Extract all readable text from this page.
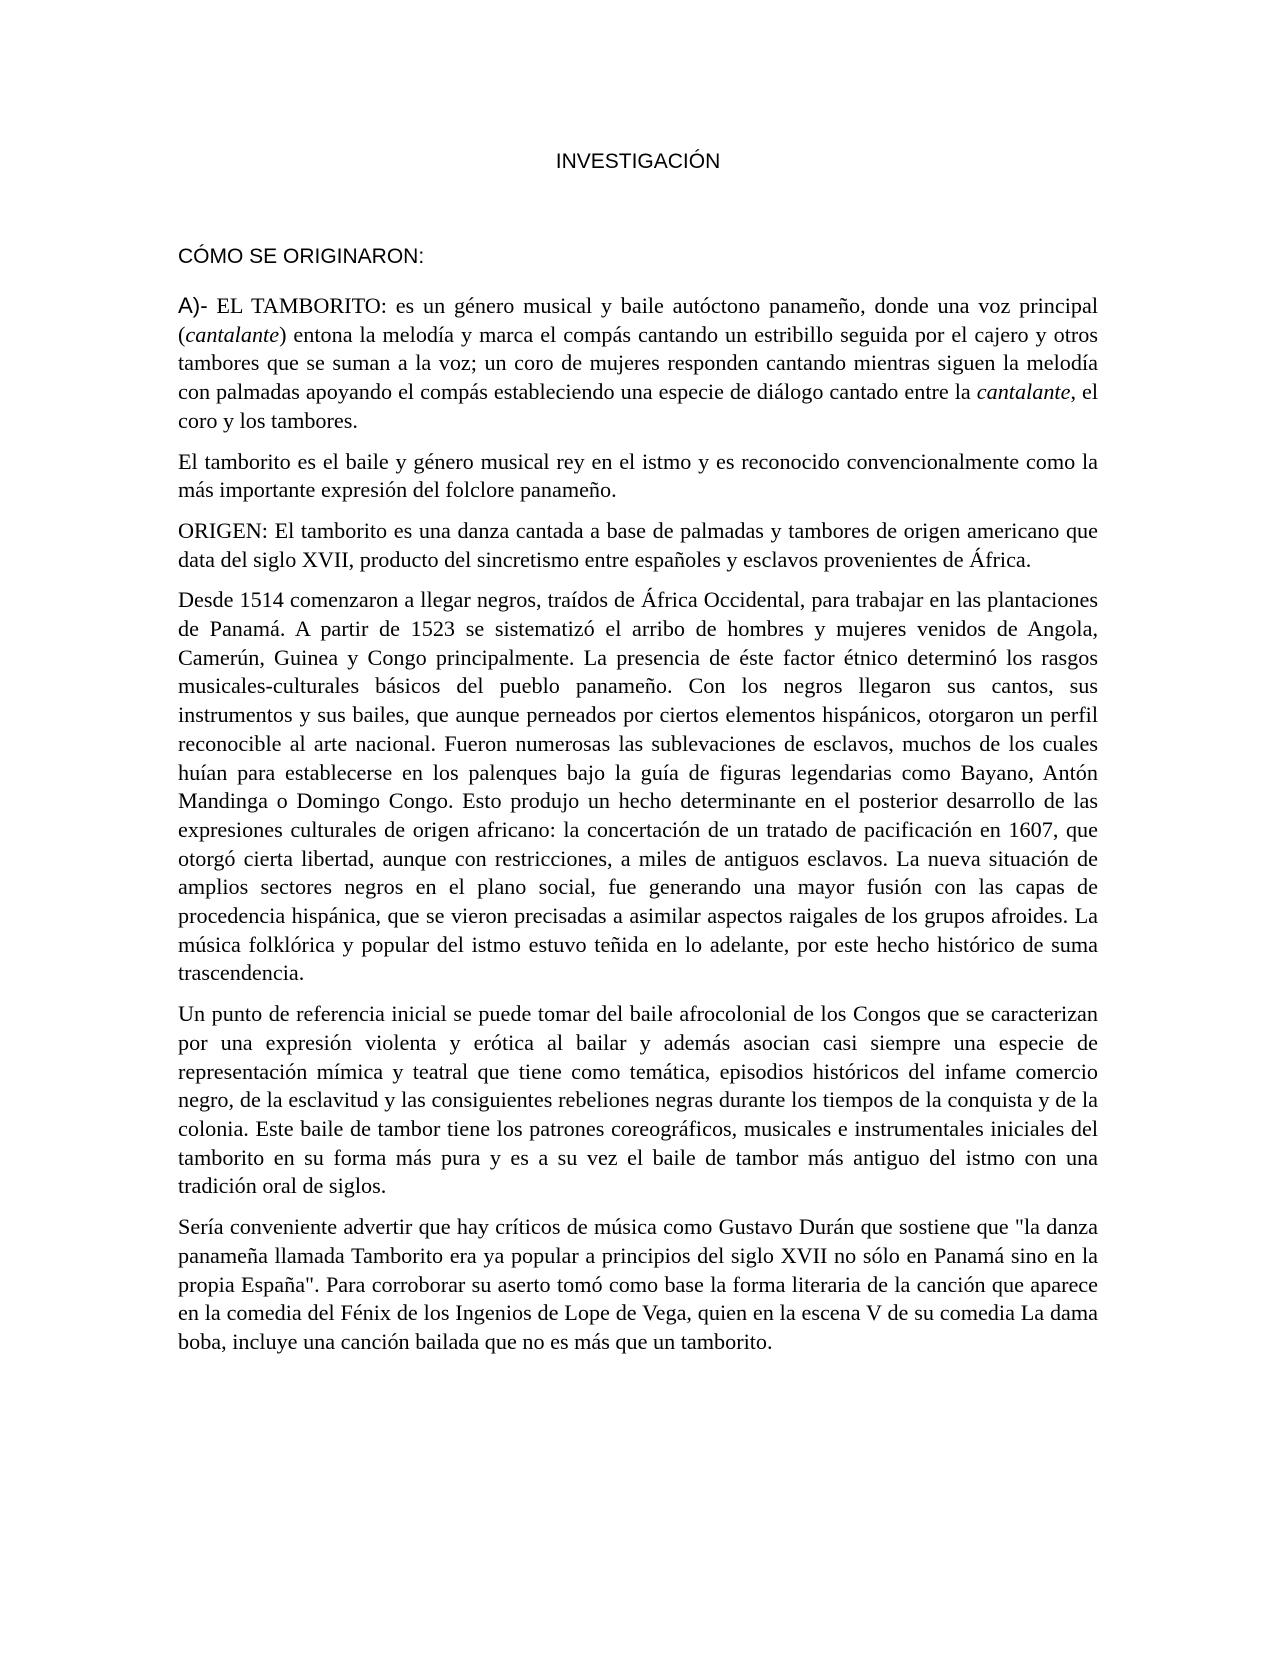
INVESTIGACIÓN
CÓMO SE ORIGINARON:

A)- EL TAMBORITO: es un género musical y baile autóctono panameño, donde una voz principal (cantalante) entona la melodía y marca el compás cantando un estribillo seguida por el cajero y otros tambores que se suman a la voz; un coro de mujeres responden cantando mientras siguen la melodía con palmadas apoyando el compás estableciendo una especie de diálogo cantado entre la cantalante, el coro y los tambores.

El tamborito es el baile y género musical rey en el istmo y es reconocido convencionalmente como la más importante expresión del folclore panameño.

ORIGEN: El tamborito es una danza cantada a base de palmadas y tambores de origen americano que data del siglo XVII, producto del sincretismo entre españoles y esclavos provenientes de África.

Desde 1514 comenzaron a llegar negros, traídos de África Occidental, para trabajar en las plantaciones de Panamá. A partir de 1523 se sistematizó el arribo de hombres y mujeres venidos de Angola, Camerún, Guinea y Congo principalmente. La presencia de éste factor étnico determinó los rasgos musicales-culturales básicos del pueblo panameño. Con los negros llegaron sus cantos, sus instrumentos y sus bailes, que aunque perneados por ciertos elementos hispánicos, otorgaron un perfil reconocible al arte nacional. Fueron numerosas las sublevaciones de esclavos, muchos de los cuales huían para establecerse en los palenques bajo la guía de figuras legendarias como Bayano, Antón Mandinga o Domingo Congo. Esto produjo un hecho determinante en el posterior desarrollo de las expresiones culturales de origen africano: la concertación de un tratado de pacificación en 1607, que otorgó cierta libertad, aunque con restricciones, a miles de antiguos esclavos. La nueva situación de amplios sectores negros en el plano social, fue generando una mayor fusión con las capas de procedencia hispánica, que se vieron precisadas a asimilar aspectos raigales de los grupos afroides. La música folklórica y popular del istmo estuvo teñida en lo adelante, por este hecho histórico de suma trascendencia.

Un punto de referencia inicial se puede tomar del baile afrocolonial de los Congos que se caracterizan por una expresión violenta y erótica al bailar y además asocian casi siempre una especie de representación mímica y teatral que tiene como temática, episodios históricos del infame comercio negro, de la esclavitud y las consiguientes rebeliones negras durante los tiempos de la conquista y de la colonia. Este baile de tambor tiene los patrones coreográficos, musicales e instrumentales iniciales del tamborito en su forma más pura y es a su vez el baile de tambor más antiguo del istmo con una tradición oral de siglos.

Sería conveniente advertir que hay críticos de música como Gustavo Durán que sostiene que "la danza panameña llamada Tamborito era ya popular a principios del siglo XVII no sólo en Panamá sino en la propia España". Para corroborar su aserto tomó como base la forma literaria de la canción que aparece en la comedia del Fénix de los Ingenios de Lope de Vega, quien en la escena V de su comedia La dama boba, incluye una canción bailada que no es más que un tamborito.
